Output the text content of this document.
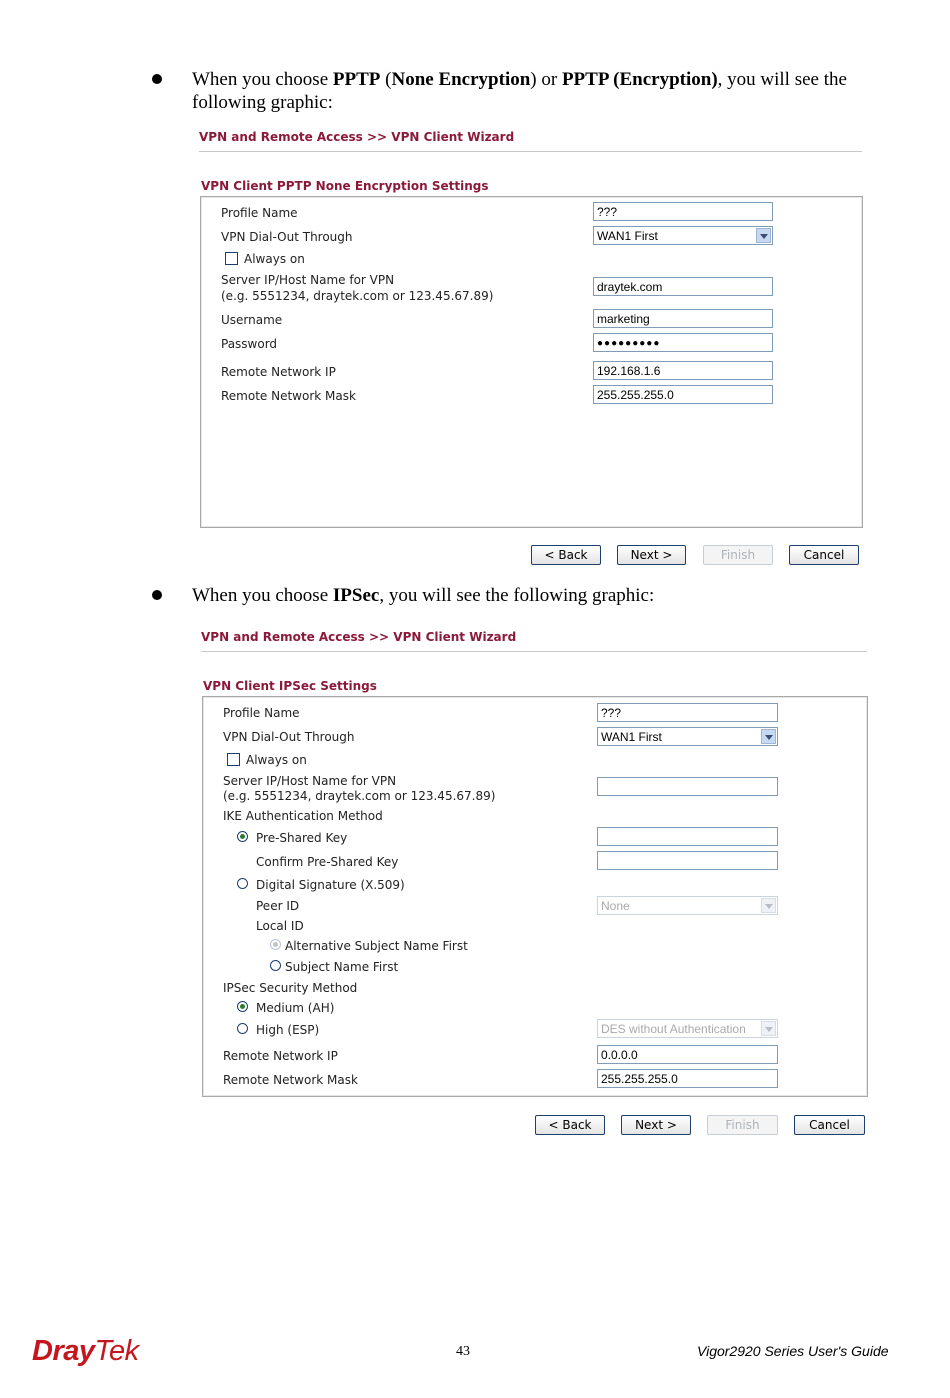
When you choose PPTP (None Encryption) or PPTP (Encryption), you will see the
following graphic:
VPN and Remote Access >> VPN Client Wizard
VPN Client PPTP None Encryption Settings
Profile Name	???
VPN Dial-Out Through	WAN1 First
Always on
Server IP/Host Name for VPN
(e.g. 5551234, draytek.com or 123.45.67.89)
draytek.com
Username	marketing
Password	●●●●●●●●●
Remote Network IP	192.168.1.6
Remote Network Mask	255.255.255.0
< Back	Next >	Finish	Cancel
When you choose IPSec, you will see the following graphic:
VPN and Remote Access >> VPN Client Wizard
VPN Client IPSec Settings
Profile Name	???
VPN Dial-Out Through	WAN1 First
Always on
Server IP/Host Name for VPN
(e.g. 5551234, draytek.com or 123.45.67.89)
IKE Authentication Method
Pre-Shared Key
Confirm Pre-Shared Key
Digital Signature (X.509)
Peer ID	None
Local ID
Alternative Subject Name First
Subject Name First
IPSec Security Method
Medium (AH)
High (ESP)	DES without Authentication
Remote Network IP	0.0.0.0
Remote Network Mask	255.255.255.0
< Back	Next >	Finish	Cancel
DrayTek	43	Vigor2920 Series User's Guide
